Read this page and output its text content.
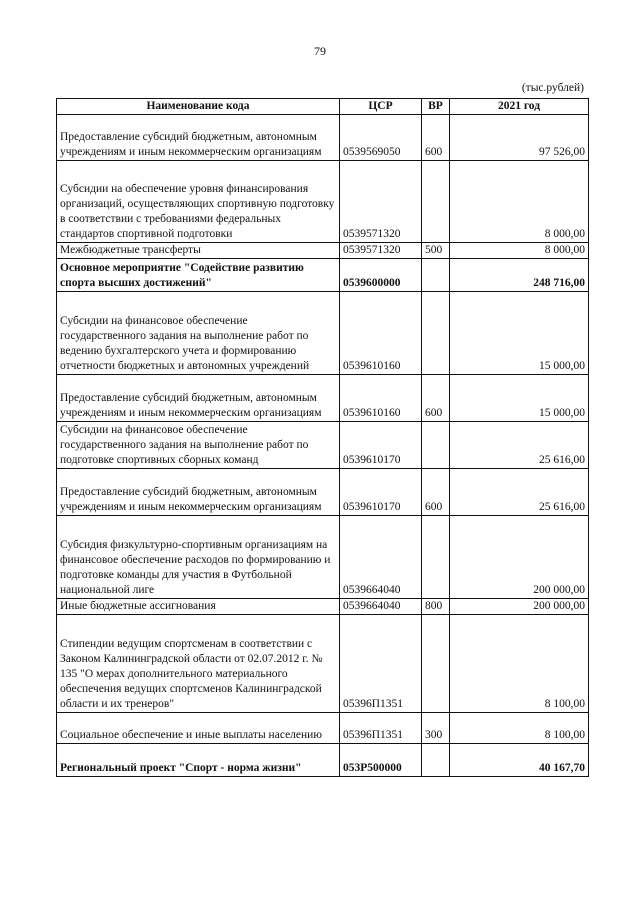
79
(тыс.рублей)
Наименование кода	ЦСР	ВР	2021 год
Предоставление субсидий бюджетным, автономным учреждениям и иным некоммерческим организациям	0539569050	600	97 526,00
Субсидии на обеспечение уровня финансирования организаций, осуществляющих спортивную подготовку в соответствии с требованиями федеральных стандартов спортивной подготовки	0539571320		8 000,00
Межбюджетные трансферты	0539571320	500	8 000,00
Основное мероприятие "Содействие развитию спорта высших достижений"	0539600000		248 716,00
Субсидии на финансовое обеспечение государственного задания на выполнение работ по ведению бухгалтерского учета и формированию отчетности бюджетных и автономных учреждений	0539610160		15 000,00
Предоставление субсидий бюджетным, автономным учреждениям и иным некоммерческим организациям	0539610160	600	15 000,00
Субсидии на финансовое обеспечение государственного задания на выполнение работ по подготовке спортивных сборных команд	0539610170		25 616,00
Предоставление субсидий бюджетным, автономным учреждениям и иным некоммерческим организациям	0539610170	600	25 616,00
Субсидия физкультурно-спортивным организациям на финансовое обеспечение расходов по формированию и подготовке команды для участия в Футбольной национальной лиге	0539664040		200 000,00
Иные бюджетные ассигнования	0539664040	800	200 000,00
Стипендии ведущим спортсменам в соответствии с Законом Калининградской области от 02.07.2012 г. № 135 "О мерах дополнительного материального обеспечения ведущих спортсменов Калининградской области и их тренеров"	05396П1351		8 100,00
Социальное обеспечение и иные выплаты населению	05396П1351	300	8 100,00
Региональный проект "Спорт - норма жизни"	053Р500000		40 167,70
